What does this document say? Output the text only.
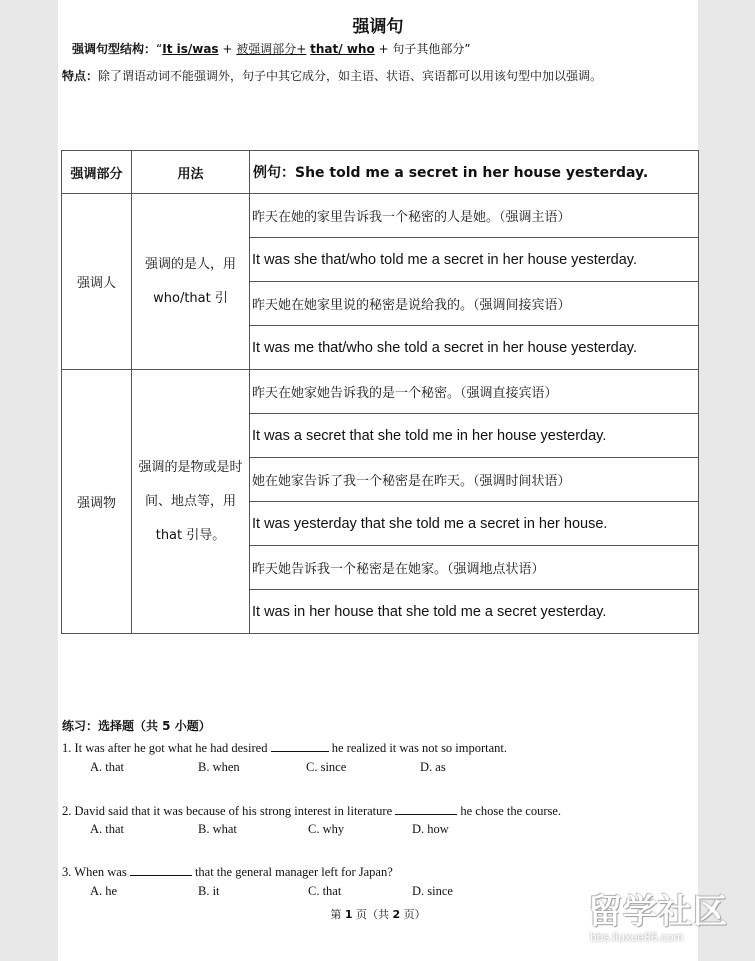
强调句
强调句型结构：“It is/was + 被强调部分+ that/ who + 句子其他部分”
特点：除了谓语动词不能强调外，句子中其它成分，如主语、状语、宾语都可以用该句型中加以强调。
强调部分	用法	例句：She told me a secret in her house yesterday.
强调人	强调的是人，用 who/that 引	昨天在她的家里告诉我一个秘密的人是她。（强调主语）
		It was she that/who told me a secret in her house yesterday.
		昨天她在她家里说的秘密是说给我的。（强调间接宾语）
		It was me that/who she told a secret in her house yesterday.
强调物	强调的是物或是时间、地点等，用 that 引导。	昨天在她家她告诉我的是一个秘密。（强调直接宾语）
		It was a secret that she told me in her house yesterday.
		她在她家告诉了我一个秘密是在昨天。（强调时间状语）
		It was yesterday that she told me a secret in her house.
		昨天她告诉我一个秘密是在她家。（强调地点状语）
		It was in her house that she told me a secret yesterday.
练习：选择题（共 5 小题）
1. It was after he got what he had desired	he realized it was not so important.
A. that	B. when	C. since	D. as
2. David said that it was because of his strong interest in literature	he chose the course.
A. that	B. what	C. why	D. how
3. When was	that the general manager left for Japan?
A. he	B. it	C. that	D. since
第 1 页（共 2 页）	留学社区
bbs.liuxue86.com
